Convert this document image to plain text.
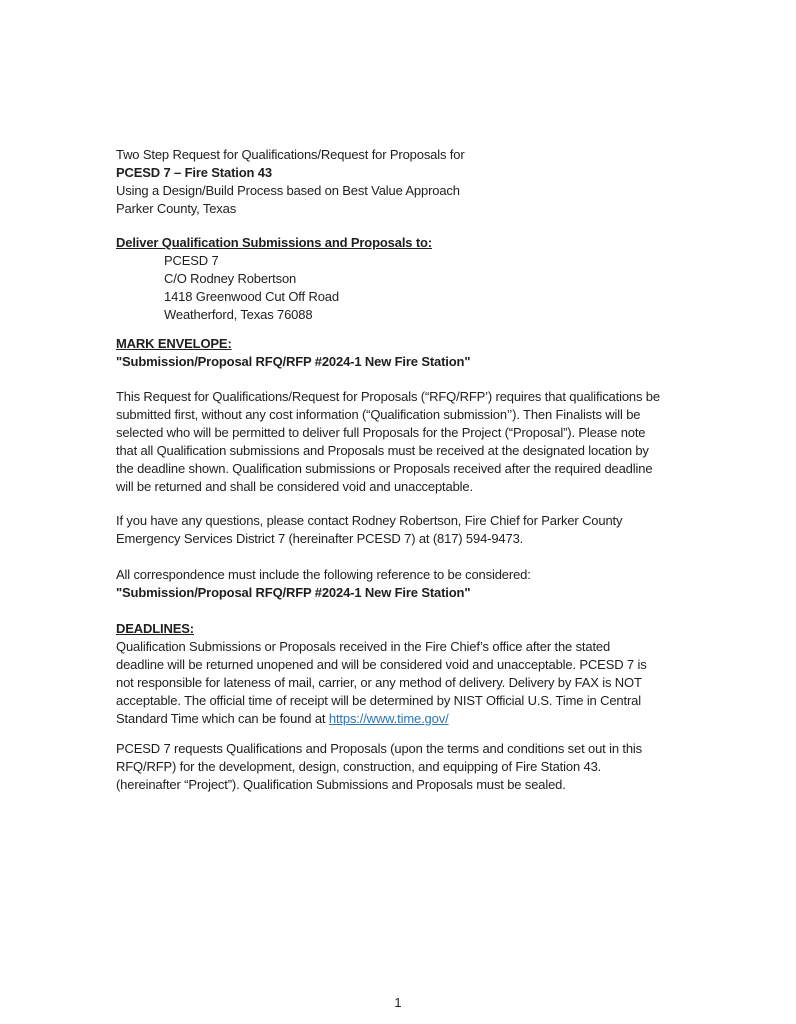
Two Step Request for Qualifications/Request for Proposals for
PCESD 7 – Fire Station 43
Using a Design/Build Process based on Best Value Approach
Parker County, Texas
Deliver Qualification Submissions and Proposals to:
PCESD 7
C/O Rodney Robertson
1418 Greenwood Cut Off Road
Weatherford, Texas 76088
MARK ENVELOPE:
"Submission/Proposal RFQ/RFP #2024-1 New Fire Station"
This Request for Qualifications/Request for Proposals (“RFQ/RFP’) requires that qualifications be
submitted first, without any cost information (“Qualification submission’’). Then Finalists will be
selected who will be permitted to deliver full Proposals for the Project (“Proposal”). Please note
that all Qualification submissions and Proposals must be received at the designated location by
the deadline shown. Qualification submissions or Proposals received after the required deadline
will be returned and shall be considered void and unacceptable.
If you have any questions, please contact Rodney Robertson, Fire Chief for Parker County
Emergency Services District 7 (hereinafter PCESD 7) at (817) 594-9473.
All correspondence must include the following reference to be considered:
"Submission/Proposal RFQ/RFP #2024-1 New Fire Station"
DEADLINES:
Qualification Submissions or Proposals received in the Fire Chief’s office after the stated
deadline will be returned unopened and will be considered void and unacceptable. PCESD 7 is
not responsible for lateness of mail, carrier, or any method of delivery. Delivery by FAX is NOT
acceptable. The official time of receipt will be determined by NIST Official U.S. Time in Central
Standard Time which can be found at https://www.time.gov/
PCESD 7 requests Qualifications and Proposals (upon the terms and conditions set out in this
RFQ/RFP) for the development, design, construction, and equipping of Fire Station 43.
(hereinafter “Project”). Qualification Submissions and Proposals must be sealed.
1
